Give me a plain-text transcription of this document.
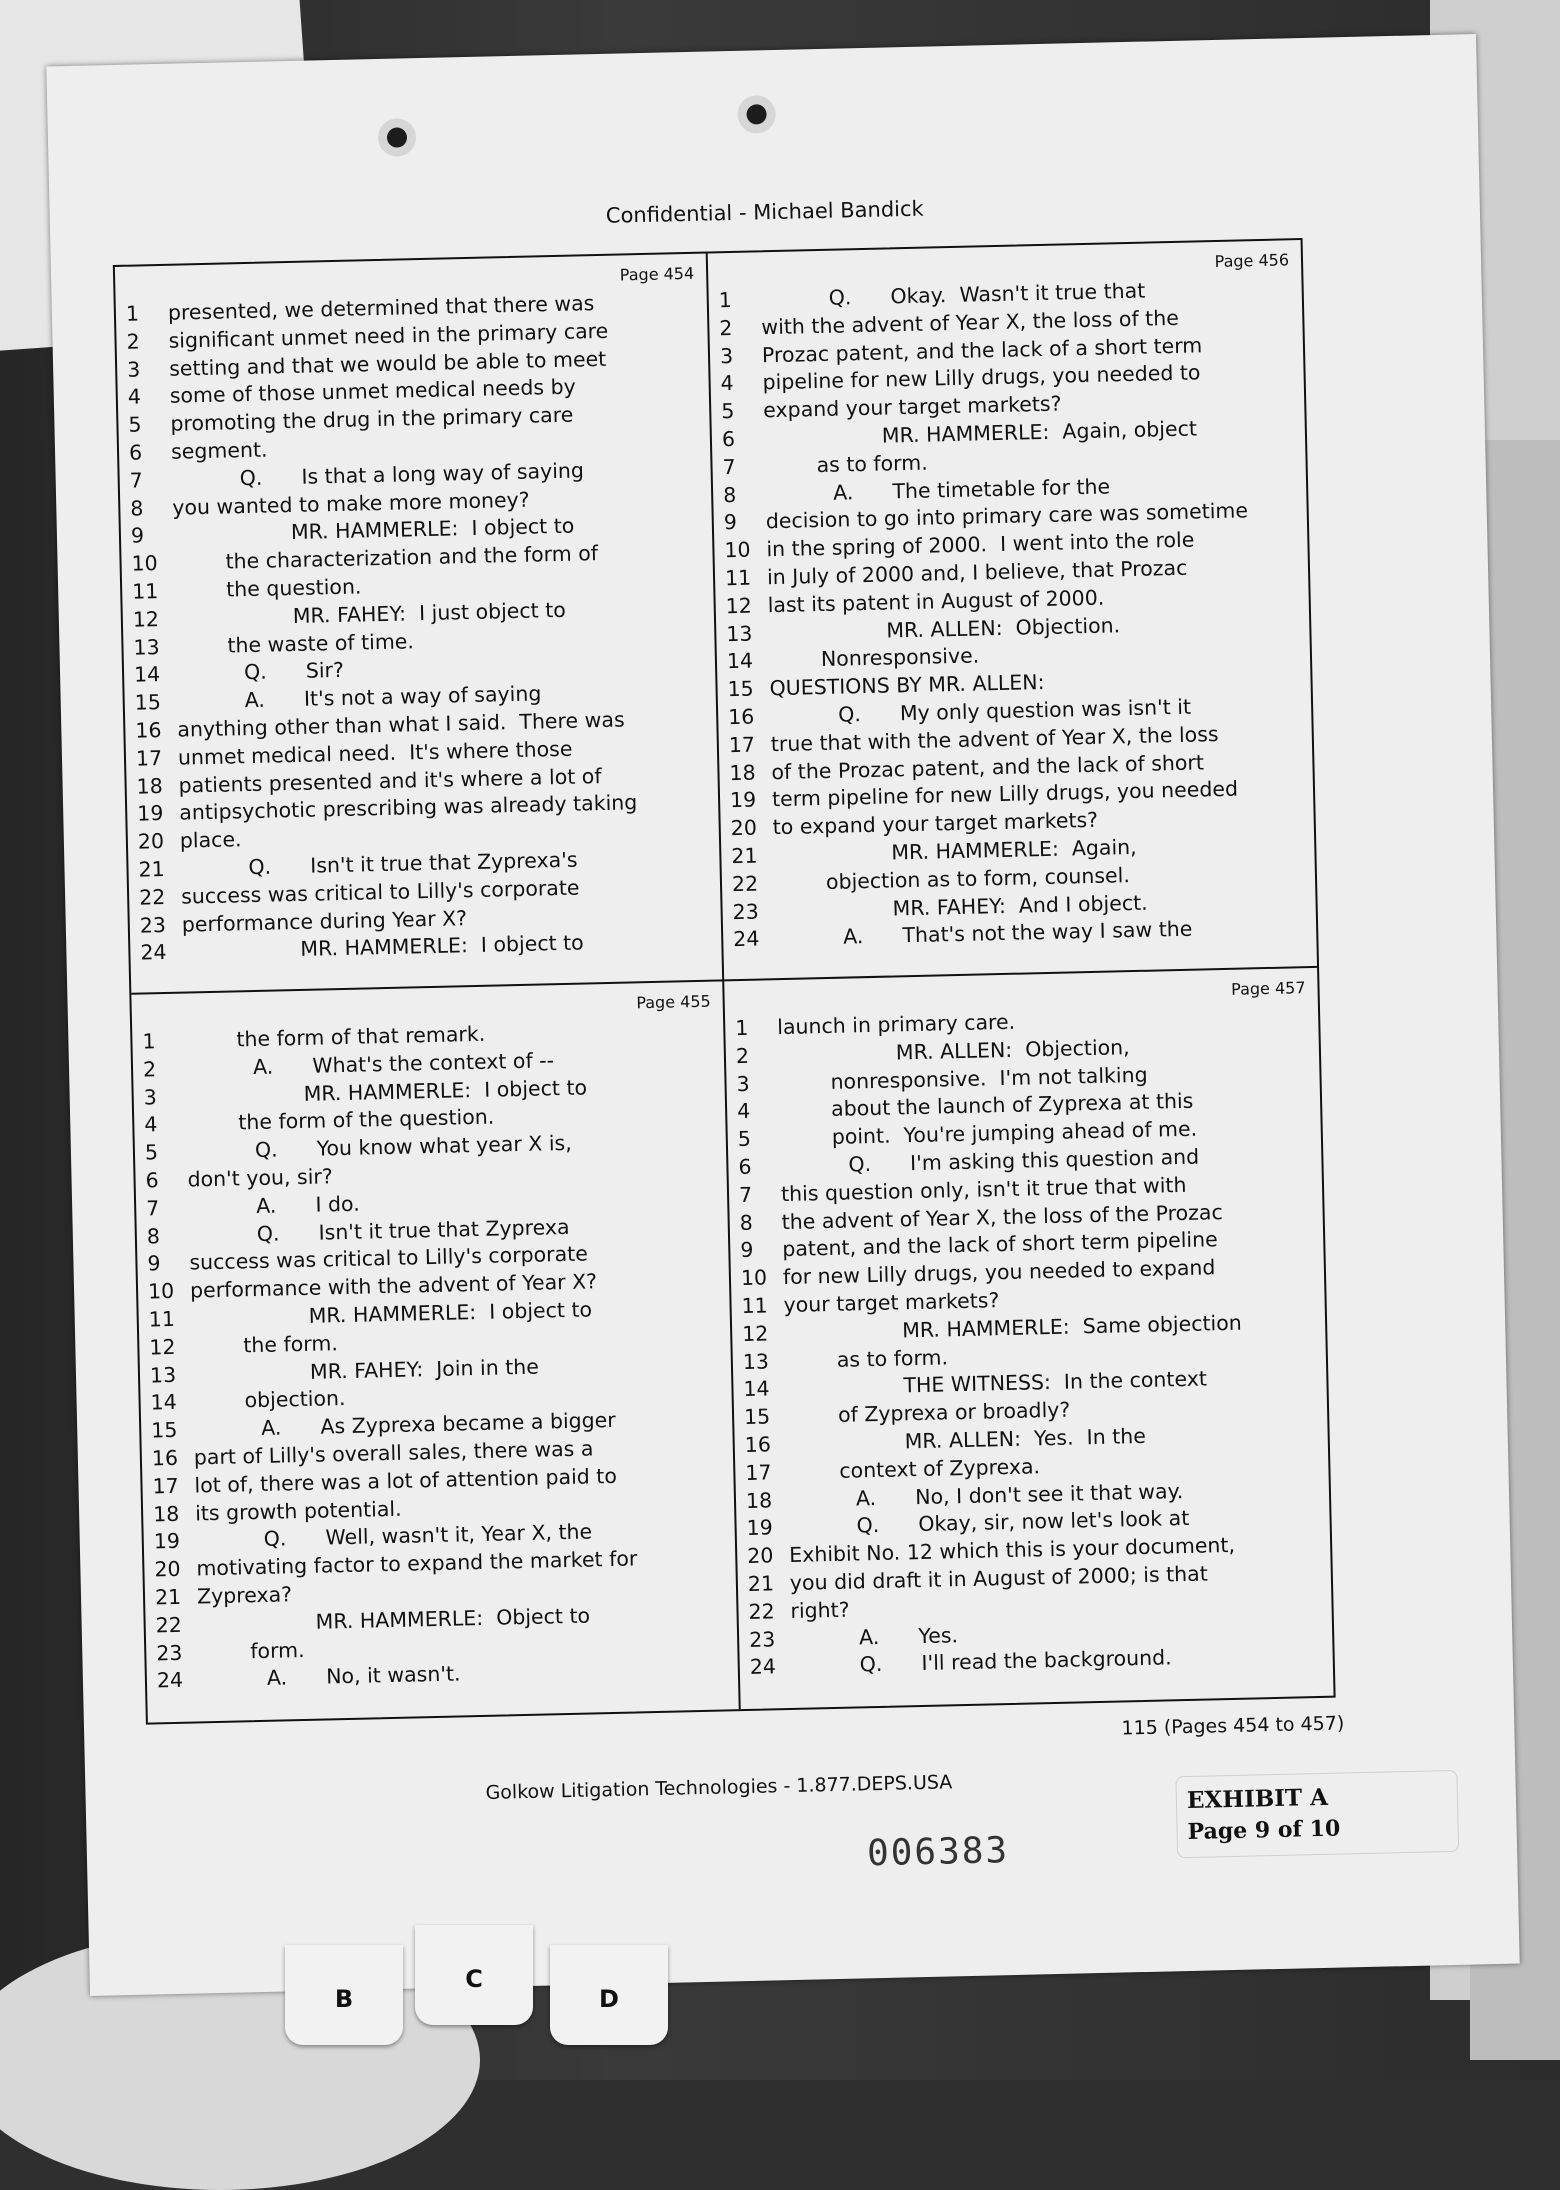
Confidential - Michael Bandick
Page 454
1	presented, we determined that there was
2	significant unmet need in the primary care
3	setting and that we would be able to meet
4	some of those unmet medical needs by
5	promoting the drug in the primary care
6	segment.
7	Q.      Is that a long way of saying
8	you wanted to make more money?
9	MR. HAMMERLE:  I object to
10	the characterization and the form of
11	the question.
12	MR. FAHEY:  I just object to
13	the waste of time.
14	Q.      Sir?
15	A.      It's not a way of saying
16 anything other than what I said.  There was
17 unmet medical need.  It's where those
18 patients presented and it's where a lot of
19 antipsychotic prescribing was already taking
20 place.
21	Q.      Isn't it true that Zyprexa's
22 success was critical to Lilly's corporate
23 performance during Year X?
24	MR. HAMMERLE:  I object to
Page 456
1	Q.      Okay.  Wasn't it true that
2	with the advent of Year X, the loss of the
3	Prozac patent, and the lack of a short term
4	pipeline for new Lilly drugs, you needed to
5	expand your target markets?
6	MR. HAMMERLE:  Again, object
7	as to form.
8	A.      The timetable for the
9	decision to go into primary care was sometime
10 in the spring of 2000.  I went into the role
11 in July of 2000 and, I believe, that Prozac
12 last its patent in August of 2000.
13	MR. ALLEN:  Objection.
14	Nonresponsive.
15 QUESTIONS BY MR. ALLEN:
16	Q.      My only question was isn't it
17 true that with the advent of Year X, the loss
18 of the Prozac patent, and the lack of short
19 term pipeline for new Lilly drugs, you needed
20 to expand your target markets?
21	MR. HAMMERLE:  Again,
22	objection as to form, counsel.
23	MR. FAHEY:  And I object.
24	A.      That's not the way I saw the
Page 455
1	the form of that remark.
2	A.      What's the context of --
3	MR. HAMMERLE:  I object to
4	the form of the question.
5	Q.      You know what year X is,
6	don't you, sir?
7	A.      I do.
8	Q.      Isn't it true that Zyprexa
9	success was critical to Lilly's corporate
10 performance with the advent of Year X?
11	MR. HAMMERLE:  I object to
12	the form.
13	MR. FAHEY:  Join in the
14	objection.
15	A.      As Zyprexa became a bigger
16 part of Lilly's overall sales, there was a
17 lot of, there was a lot of attention paid to
18 its growth potential.
19	Q.      Well, wasn't it, Year X, the
20 motivating factor to expand the market for
21 Zyprexa?
22	MR. HAMMERLE:  Object to
23	form.
24	A.      No, it wasn't.
Page 457
1	launch in primary care.
2	MR. ALLEN:  Objection,
3	nonresponsive.  I'm not talking
4	about the launch of Zyprexa at this
5	point.  You're jumping ahead of me.
6	Q.      I'm asking this question and
7	this question only, isn't it true that with
8	the advent of Year X, the loss of the Prozac
9	patent, and the lack of short term pipeline
10 for new Lilly drugs, you needed to expand
11 your target markets?
12	MR. HAMMERLE:  Same objection
13	as to form.
14	THE WITNESS:  In the context
15	of Zyprexa or broadly?
16	MR. ALLEN:  Yes.  In the
17	context of Zyprexa.
18	A.      No, I don't see it that way.
19	Q.      Okay, sir, now let's look at
20 Exhibit No. 12 which this is your document,
21 you did draft it in August of 2000; is that
22 right?
23	A.      Yes.
24	Q.      I'll read the background.
115 (Pages 454 to 457)
Golkow Litigation Technologies - 1.877.DEPS.USA	EXHIBIT A
Page 9 of 10
006383
B
C
D
